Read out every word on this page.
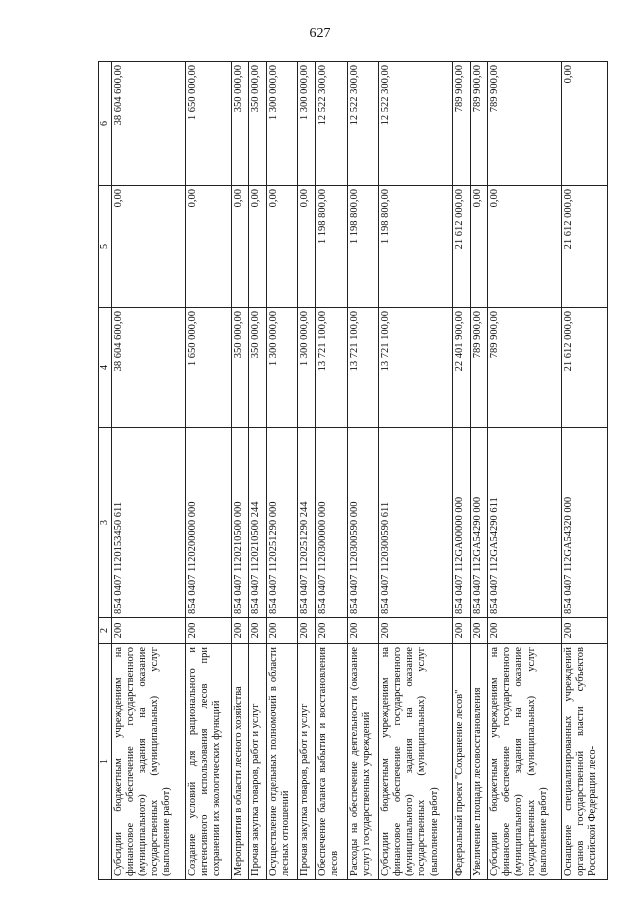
627
1	2	3	4	5	6
Субсидии бюджетным учреждениям на финансовое обеспечение государственного (муниципального) задания на оказание государственных (муниципальных) услуг (выполнение работ)	200	854 0407 1120153450 611	38 604 600,00	0,00	38 604 600,00
Создание условий для рационального и интенсивного использования лесов при сохранении их экологических функций	200	854 0407 1120200000 000	1 650 000,00	0,00	1 650 000,00
Мероприятия в области лесного хозяйства	200	854 0407 1120210500 000	350 000,00	0,00	350 000,00
Прочая закупка товаров, работ и услуг	200	854 0407 1120210500 244	350 000,00	0,00	350 000,00
Осуществление отдельных полномочий в области лесных отношений	200	854 0407 1120251290 000	1 300 000,00	0,00	1 300 000,00
Прочая закупка товаров, работ и услуг	200	854 0407 1120251290 244	1 300 000,00	0,00	1 300 000,00
Обеспечение баланса выбытия и восстановления лесов	200	854 0407 1120300000 000	13 721 100,00	1 198 800,00	12 522 300,00
Расходы на обеспечение деятельности (оказание услуг) государственных учреждений	200	854 0407 1120300590 000	13 721 100,00	1 198 800,00	12 522 300,00
Субсидии бюджетным учреждениям на финансовое обеспечение государственного (муниципального) задания на оказание государственных (муниципальных) услуг (выполнение работ)	200	854 0407 1120300590 611	13 721 100,00	1 198 800,00	12 522 300,00
Федеральный проект "Сохранение лесов"	200	854 0407 112GA00000 000	22 401 900,00	21 612 000,00	789 900,00
Увеличение площади лесовосстановления	200	854 0407 112GA54290 000	789 900,00	0,00	789 900,00
Субсидии бюджетным учреждениям на финансовое обеспечение государственного (муниципального) задания на оказание государственных (муниципальных) услуг (выполнение работ)	200	854 0407 112GA54290 611	789 900,00	0,00	789 900,00
Оснащение специализированных учреждений органов государственной власти субъектов Российской Федерации лесо-	200	854 0407 112GA54320 000	21 612 000,00	21 612 000,00	0,00
